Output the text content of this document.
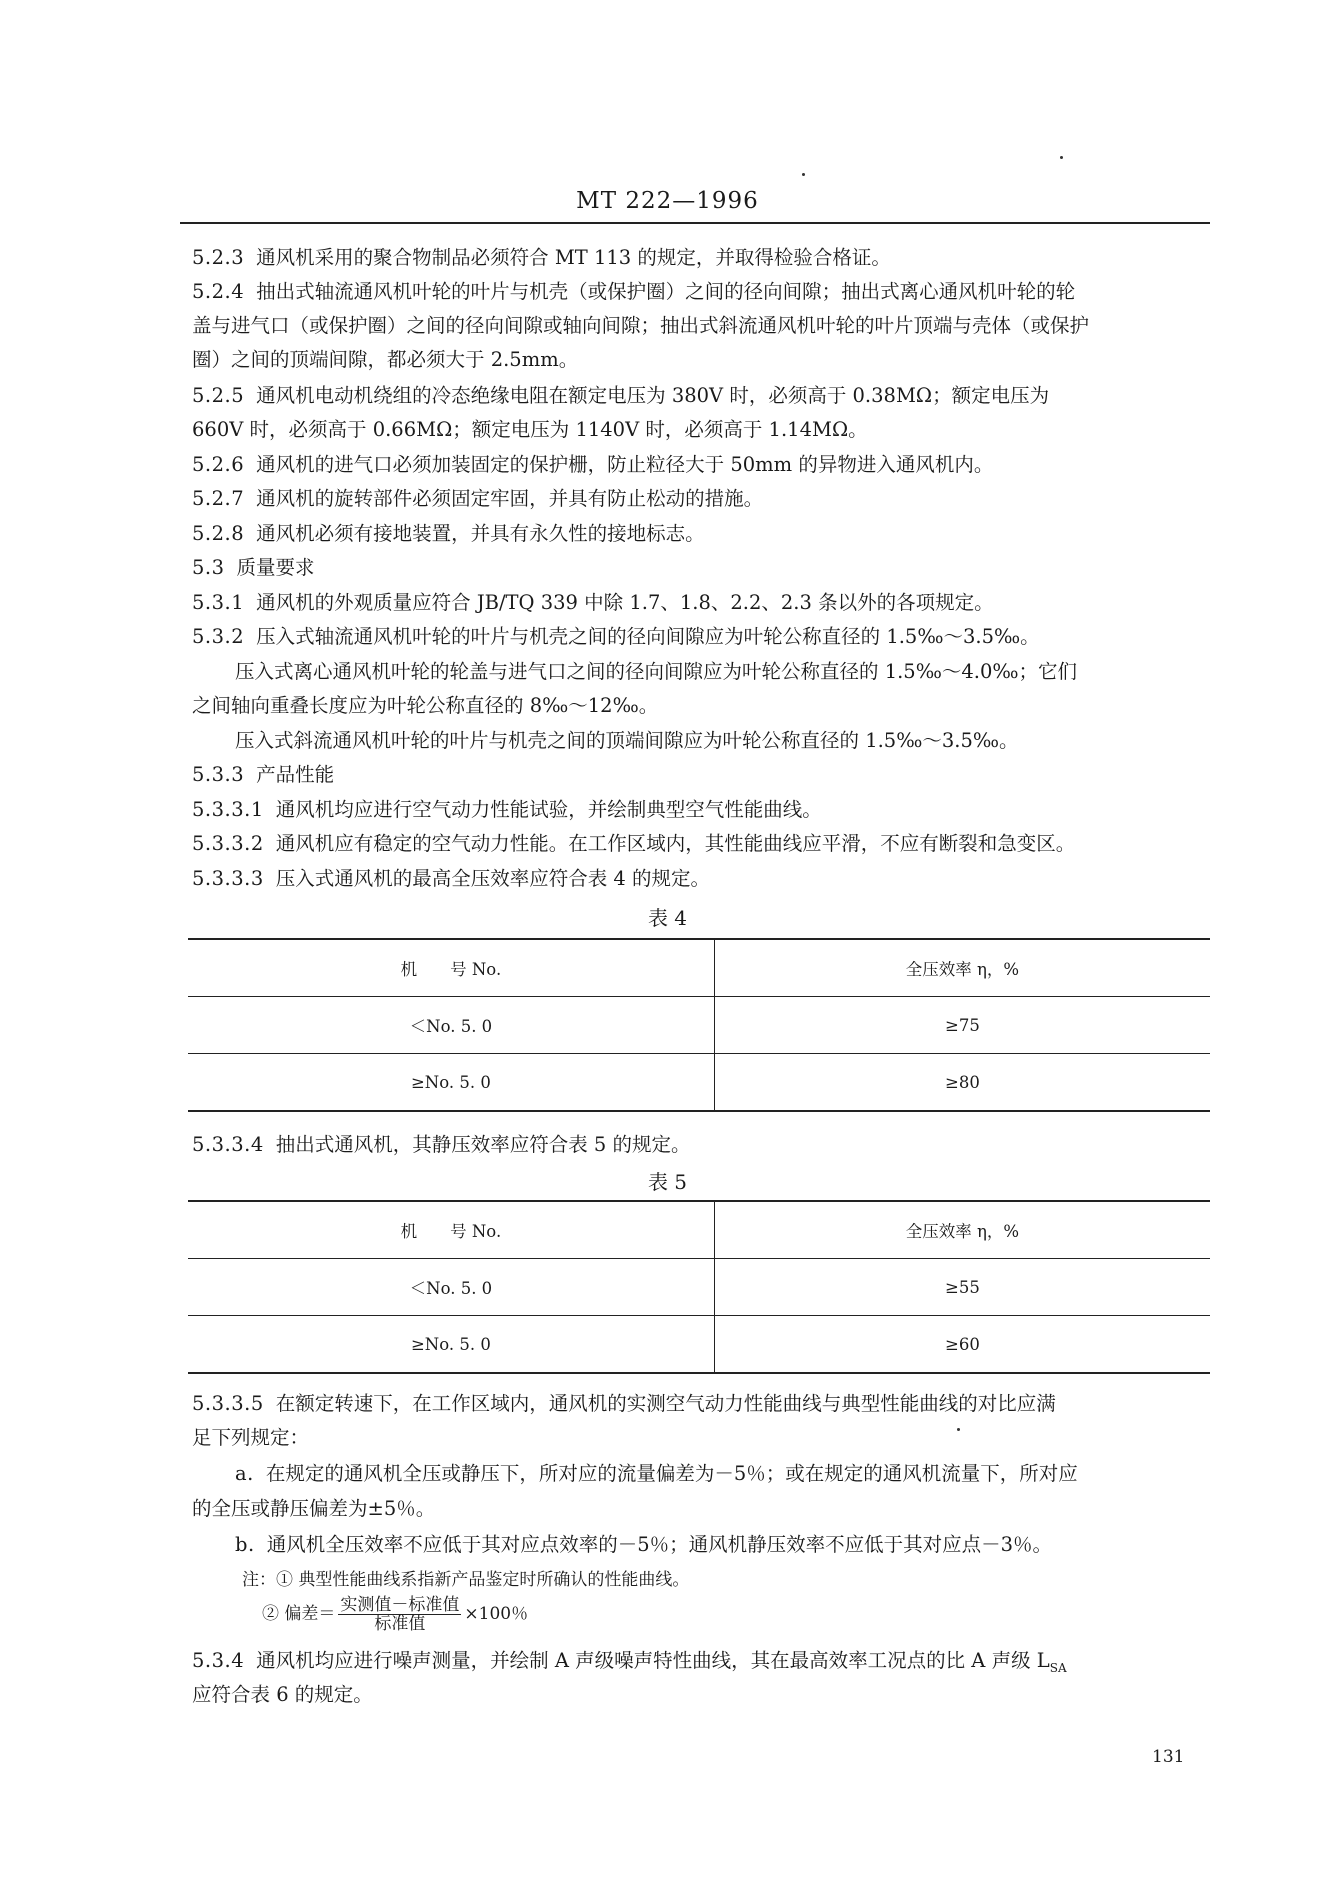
MT 222—1996
5.2.3 通风机采用的聚合物制品必须符合 MT 113 的规定，并取得检验合格证。
5.2.4 抽出式轴流通风机叶轮的叶片与机壳（或保护圈）之间的径向间隙；抽出式离心通风机叶轮的轮
盖与进气口（或保护圈）之间的径向间隙或轴向间隙；抽出式斜流通风机叶轮的叶片顶端与壳体（或保护
圈）之间的顶端间隙，都必须大于 2.5mm。
5.2.5 通风机电动机绕组的冷态绝缘电阻在额定电压为 380V 时，必须高于 0.38MΩ；额定电压为
660V 时，必须高于 0.66MΩ；额定电压为 1140V 时，必须高于 1.14MΩ。
5.2.6 通风机的进气口必须加装固定的保护栅，防止粒径大于 50mm 的异物进入通风机内。
5.2.7 通风机的旋转部件必须固定牢固，并具有防止松动的措施。
5.2.8 通风机必须有接地装置，并具有永久性的接地标志。
5.3 质量要求
5.3.1 通风机的外观质量应符合 JB/TQ 339 中除 1.7、1.8、2.2、2.3 条以外的各项规定。
5.3.2 压入式轴流通风机叶轮的叶片与机壳之间的径向间隙应为叶轮公称直径的 1.5‰～3.5‰。
压入式离心通风机叶轮的轮盖与进气口之间的径向间隙应为叶轮公称直径的 1.5‰～4.0‰；它们
之间轴向重叠长度应为叶轮公称直径的 8‰～12‰。
压入式斜流通风机叶轮的叶片与机壳之间的顶端间隙应为叶轮公称直径的 1.5‰～3.5‰。
5.3.3 产品性能
5.3.3.1 通风机均应进行空气动力性能试验，并绘制典型空气性能曲线。
5.3.3.2 通风机应有稳定的空气动力性能。在工作区域内，其性能曲线应平滑，不应有断裂和急变区。
5.3.3.3 压入式通风机的最高全压效率应符合表 4 的规定。
表 4
机　　号 No.	全压效率 η，%
＜No. 5. 0	≥75
≥No. 5. 0	≥80
5.3.3.4 抽出式通风机，其静压效率应符合表 5 的规定。
表 5
机　　号 No.	全压效率 η，%
＜No. 5. 0	≥55
≥No. 5. 0	≥60
5.3.3.5 在额定转速下，在工作区域内，通风机的实测空气动力性能曲线与典型性能曲线的对比应满
足下列规定：
a. 在规定的通风机全压或静压下，所对应的流量偏差为－5％；或在规定的通风机流量下，所对应
的全压或静压偏差为±5％。
b. 通风机全压效率不应低于其对应点效率的－5％；通风机静压效率不应低于其对应点－3％。
注：① 典型性能曲线系指新产品鉴定时所确认的性能曲线。
② 偏差＝ $\frac{\text{实测值－标准值}}{\text{标准值}} \times 100$％
5.3.4 通风机均应进行噪声测量，并绘制 A 声级噪声特性曲线，其在最高效率工况点的比 A 声级 $L_{SA}$
应符合表 6 的规定。
131
